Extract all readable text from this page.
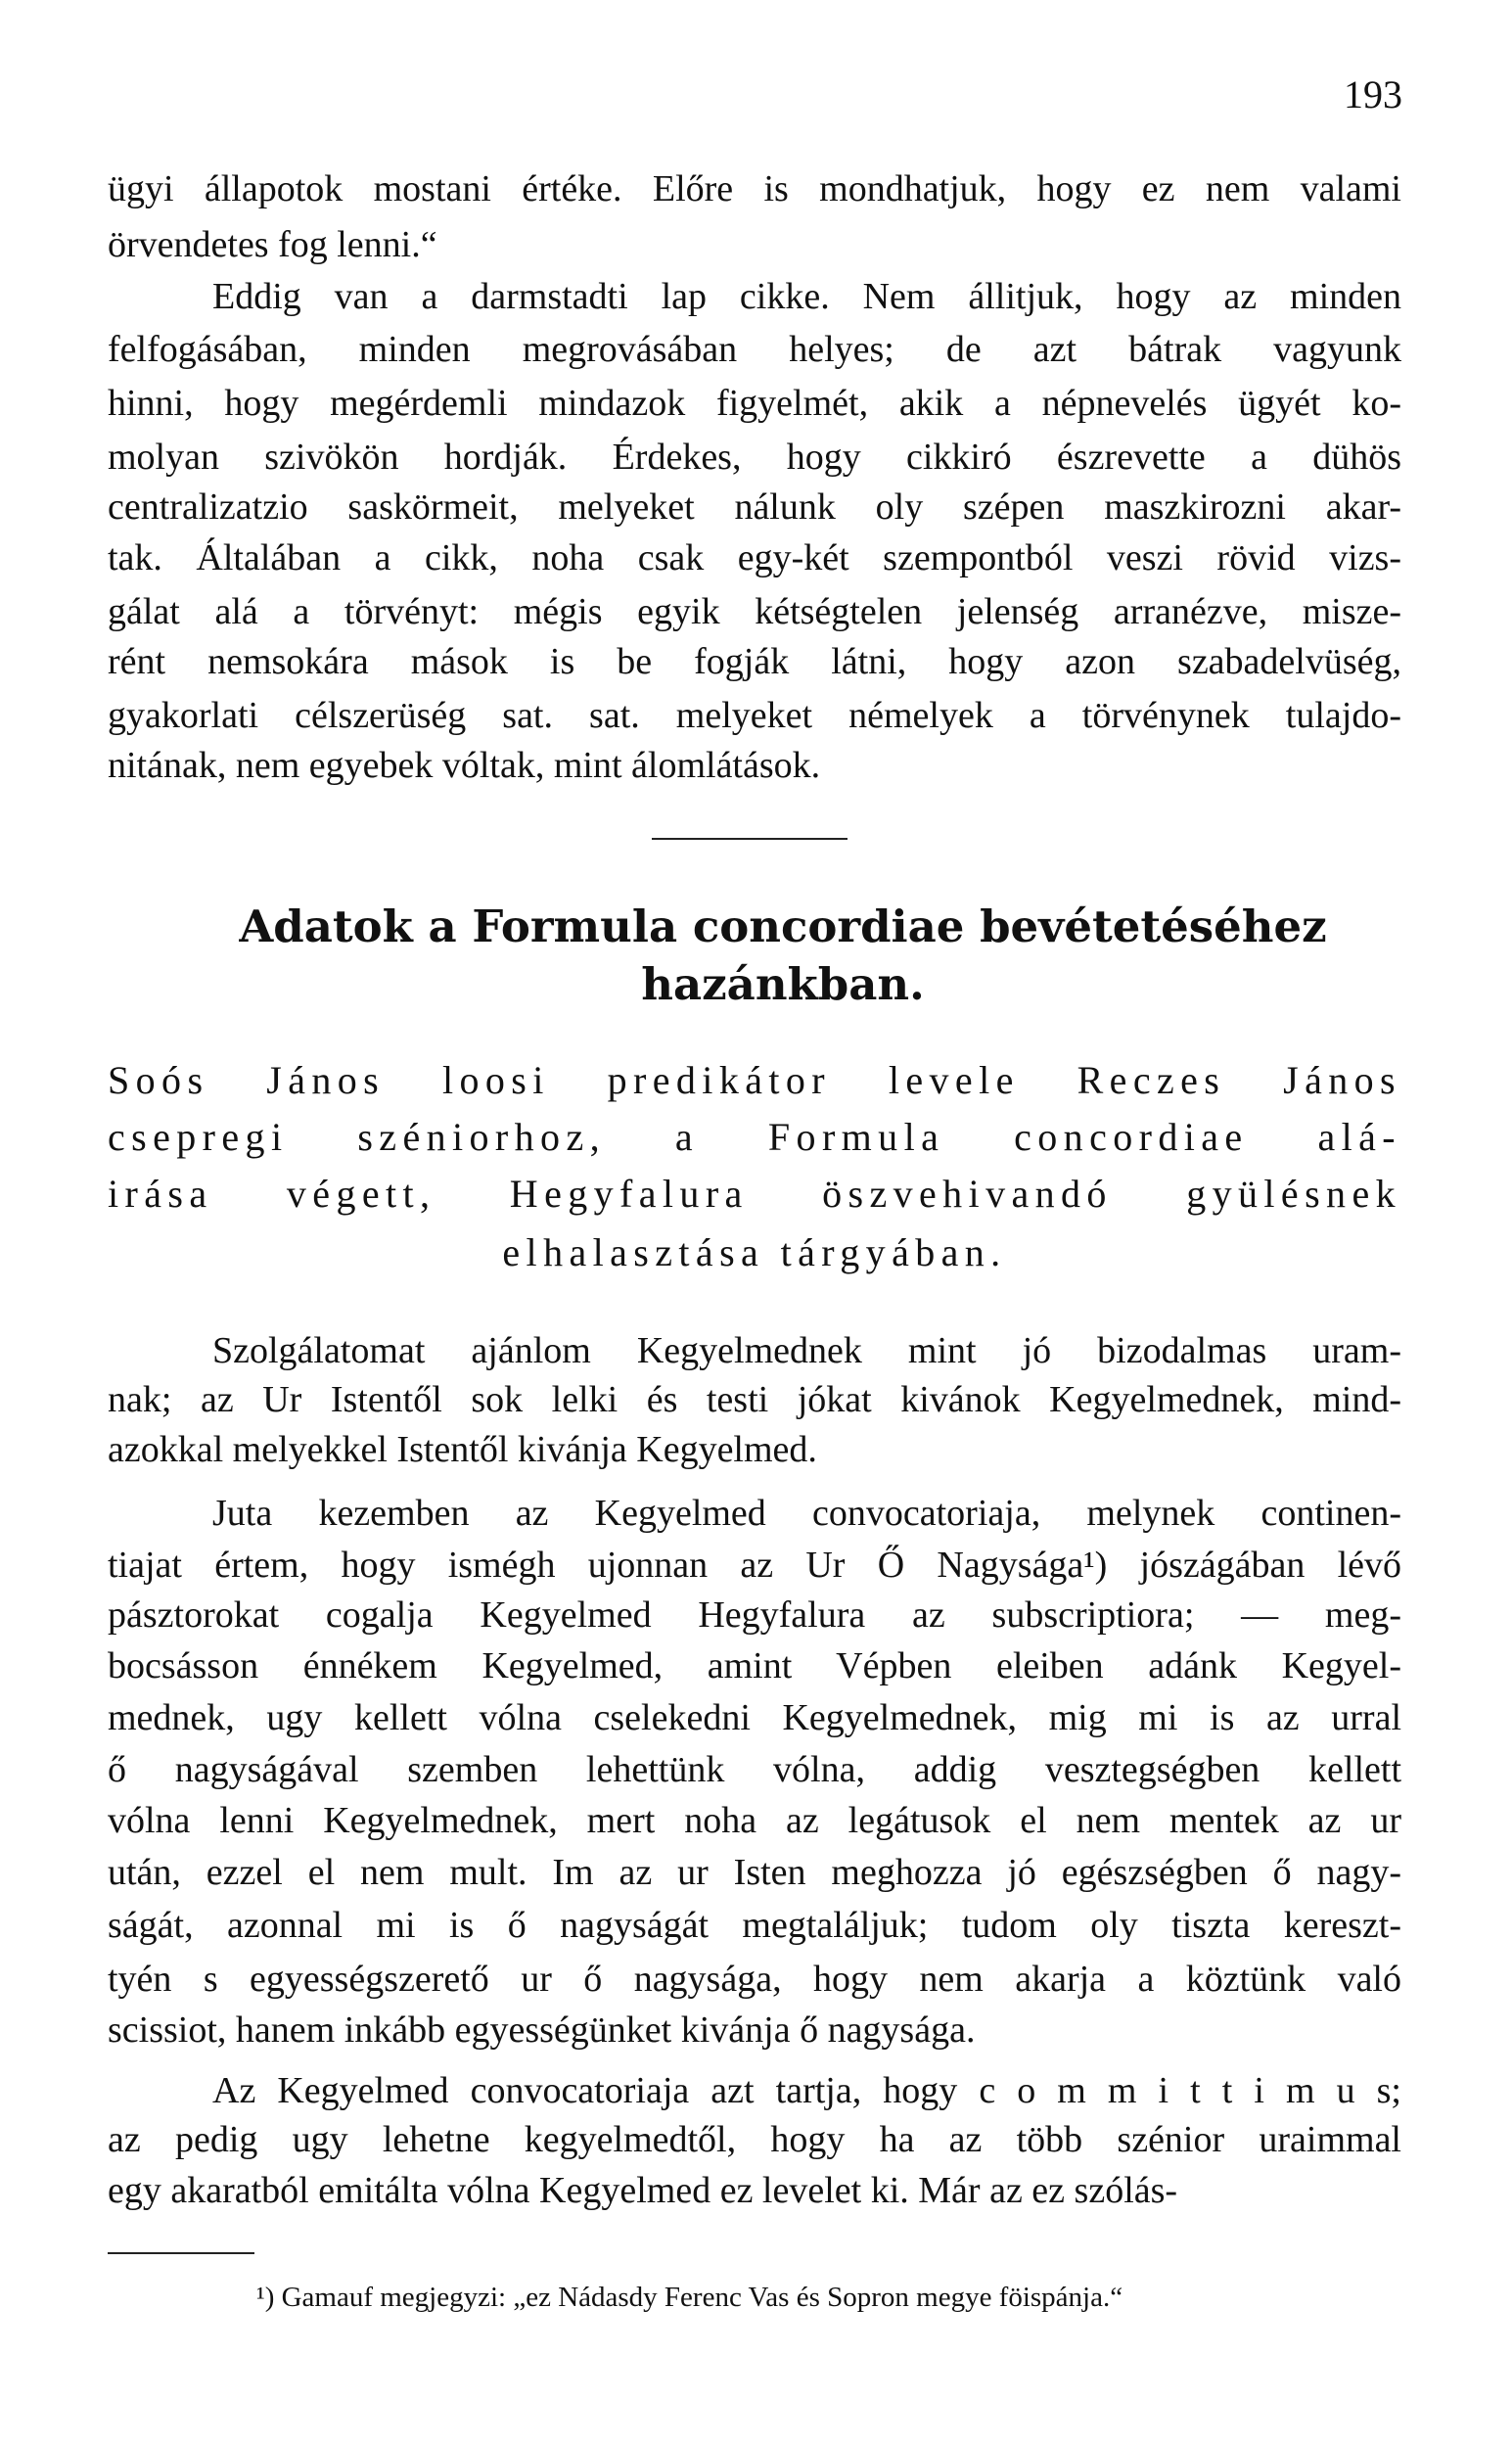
193
ügyi állapotok mostani értéke. Előre is mondhatjuk, hogy ez nem valami
örvendetes fog lenni.“
Eddig van a darmstadti lap cikke. Nem állitjuk, hogy az minden
felfogásában, minden megrovásában helyes; de azt bátrak vagyunk
hinni, hogy megérdemli mindazok figyelmét, akik a népnevelés ügyét ko-
molyan szivökön hordják. Érdekes, hogy cikkiró észrevette a dühös
centralizatzio saskörmeit, melyeket nálunk oly szépen maszkirozni akar-
tak. Általában a cikk, noha csak egy-két szempontból veszi rövid vizs-
gálat alá a törvényt: mégis egyik kétségtelen jelenség arranézve, misze-
rént nemsokára mások is be fogják látni, hogy azon szabadelvüség,
gyakorlati célszerüség sat. sat. melyeket némelyek a törvénynek tulajdo-
nitának, nem egyebek vóltak, mint álomlátások.
Adatok a Formula concordiae bevétetéséhez
hazánkban.
Soós János loosi predikátor levele Reczes János
csepregi széniorhoz, a Formula concordiae alá-
irása végett, Hegyfalura öszvehivandó gyülésnek
elhalasztása tárgyában.
Szolgálatomat ajánlom Kegyelmednek mint jó bizodalmas uram-
nak; az Ur Istentől sok lelki és testi jókat kivánok Kegyelmednek, mind-
azokkal melyekkel Istentől kivánja Kegyelmed.
Juta kezemben az Kegyelmed convocatoriaja, melynek continen-
tiajat értem, hogy ismégh ujonnan az Ur Ő Nagysága¹) jószágában lévő
pásztorokat cogalja Kegyelmed Hegyfalura az subscriptiora; — meg-
bocsásson énnékem Kegyelmed, amint Vépben eleiben adánk Kegyel-
mednek, ugy kellett vólna cselekedni Kegyelmednek, mig mi is az urral
ő nagyságával szemben lehettünk vólna, addig vesztegségben kellett
vólna lenni Kegyelmednek, mert noha az legátusok el nem mentek az ur
után, ezzel el nem mult. Im az ur Isten meghozza jó egészségben ő nagy-
ságát, azonnal mi is ő nagyságát megtaláljuk; tudom oly tiszta kereszt-
tyén s egyességszerető ur ő nagysága, hogy nem akarja a köztünk való
scissiot, hanem inkább egyességünket kivánja ő nagysága.
Az Kegyelmed convocatoriaja azt tartja, hogy c o m m i t t i m u s;
az pedig ugy lehetne kegyelmedtől, hogy ha az több szénior uraimmal
egy akaratból emitálta vólna Kegyelmed ez levelet ki. Már az ez szólás-
¹) Gamauf megjegyzi: „ez Nádasdy Ferenc Vas és Sopron megye föispánja.“
